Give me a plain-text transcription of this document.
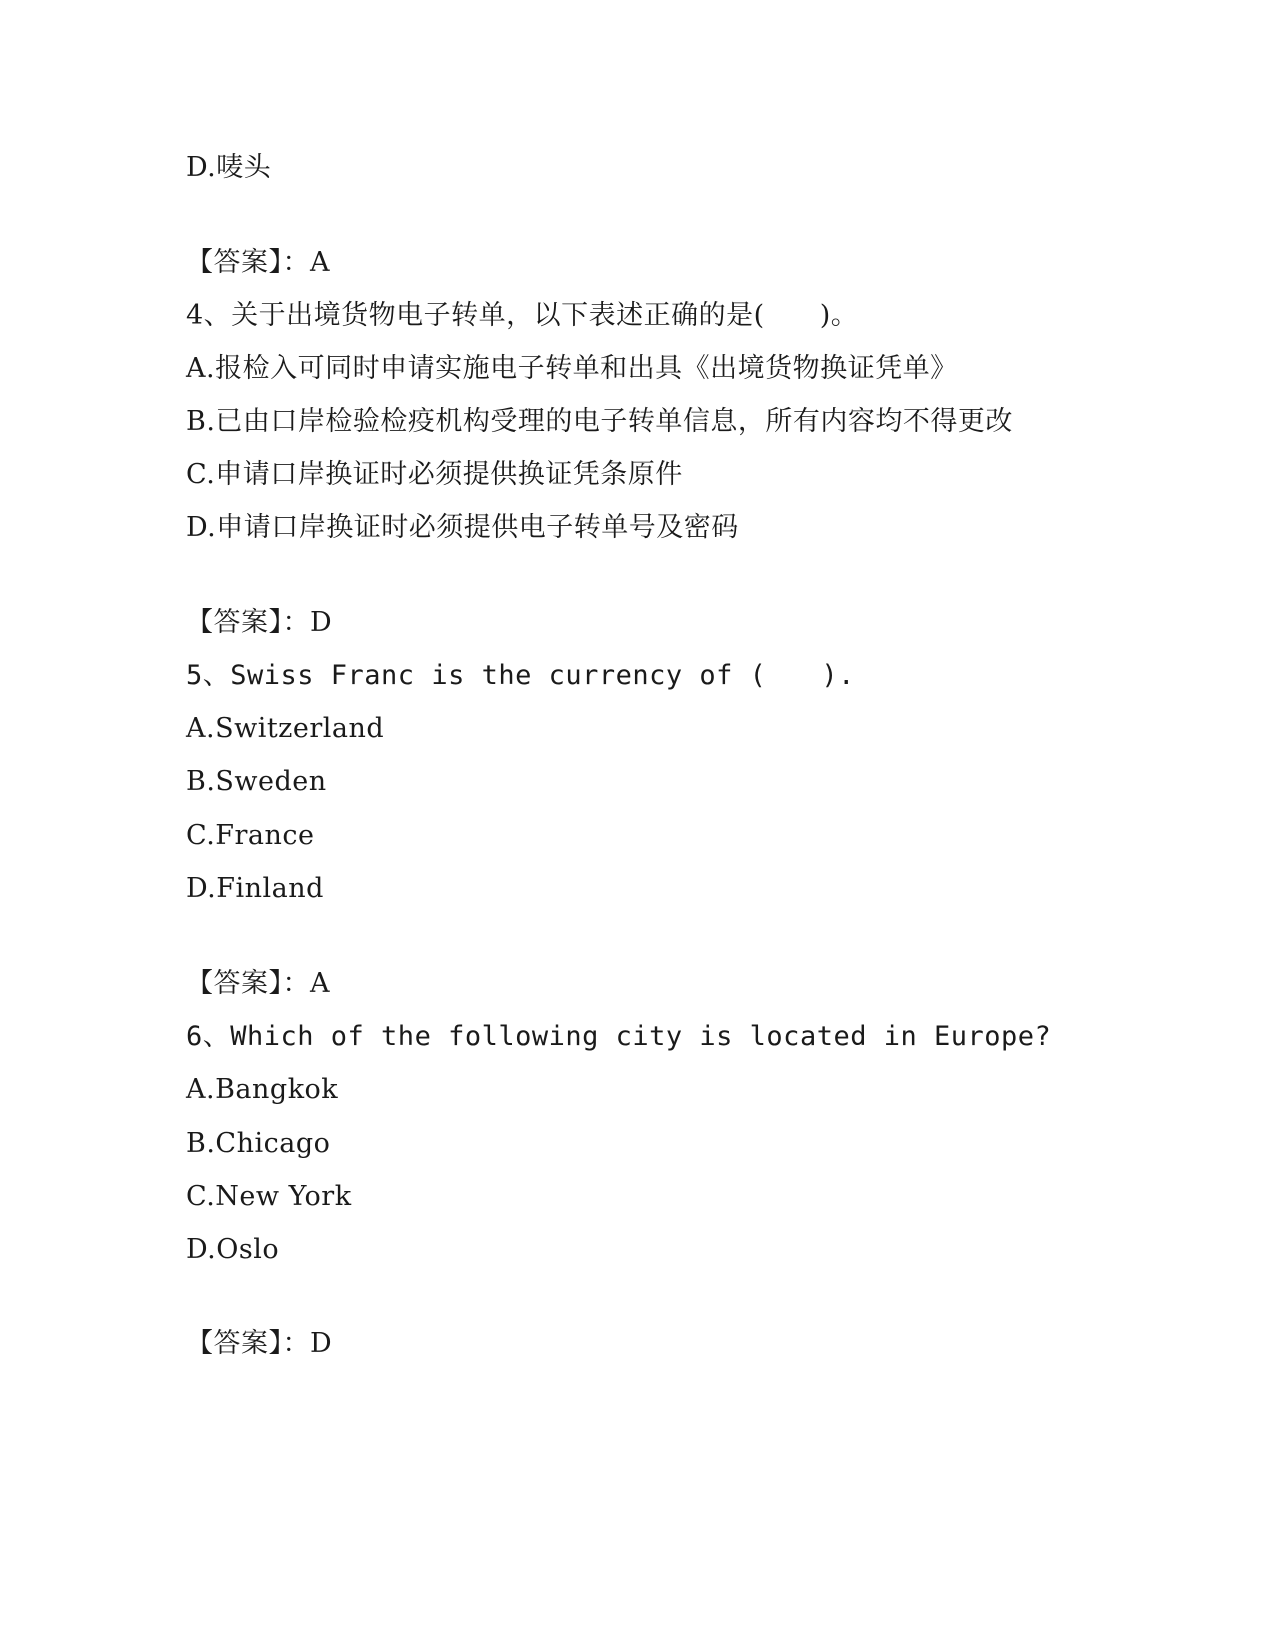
D.唛头
【答案】：A
4、关于出境货物电子转单，以下表述正确的是(　　)。
A.报检入可同时申请实施电子转单和出具《出境货物换证凭单》
B.已由口岸检验检疫机构受理的电子转单信息，所有内容均不得更改
C.申请口岸换证时必须提供换证凭条原件
D.申请口岸换证时必须提供电子转单号及密码
【答案】：D
5、Swiss Franc is the currency of (　　).
A.Switzerland
B.Sweden
C.France
D.Finland
【答案】：A
6、Which of the following city is located in Europe?
A.Bangkok
B.Chicago
C.New York
D.Oslo
【答案】：D
